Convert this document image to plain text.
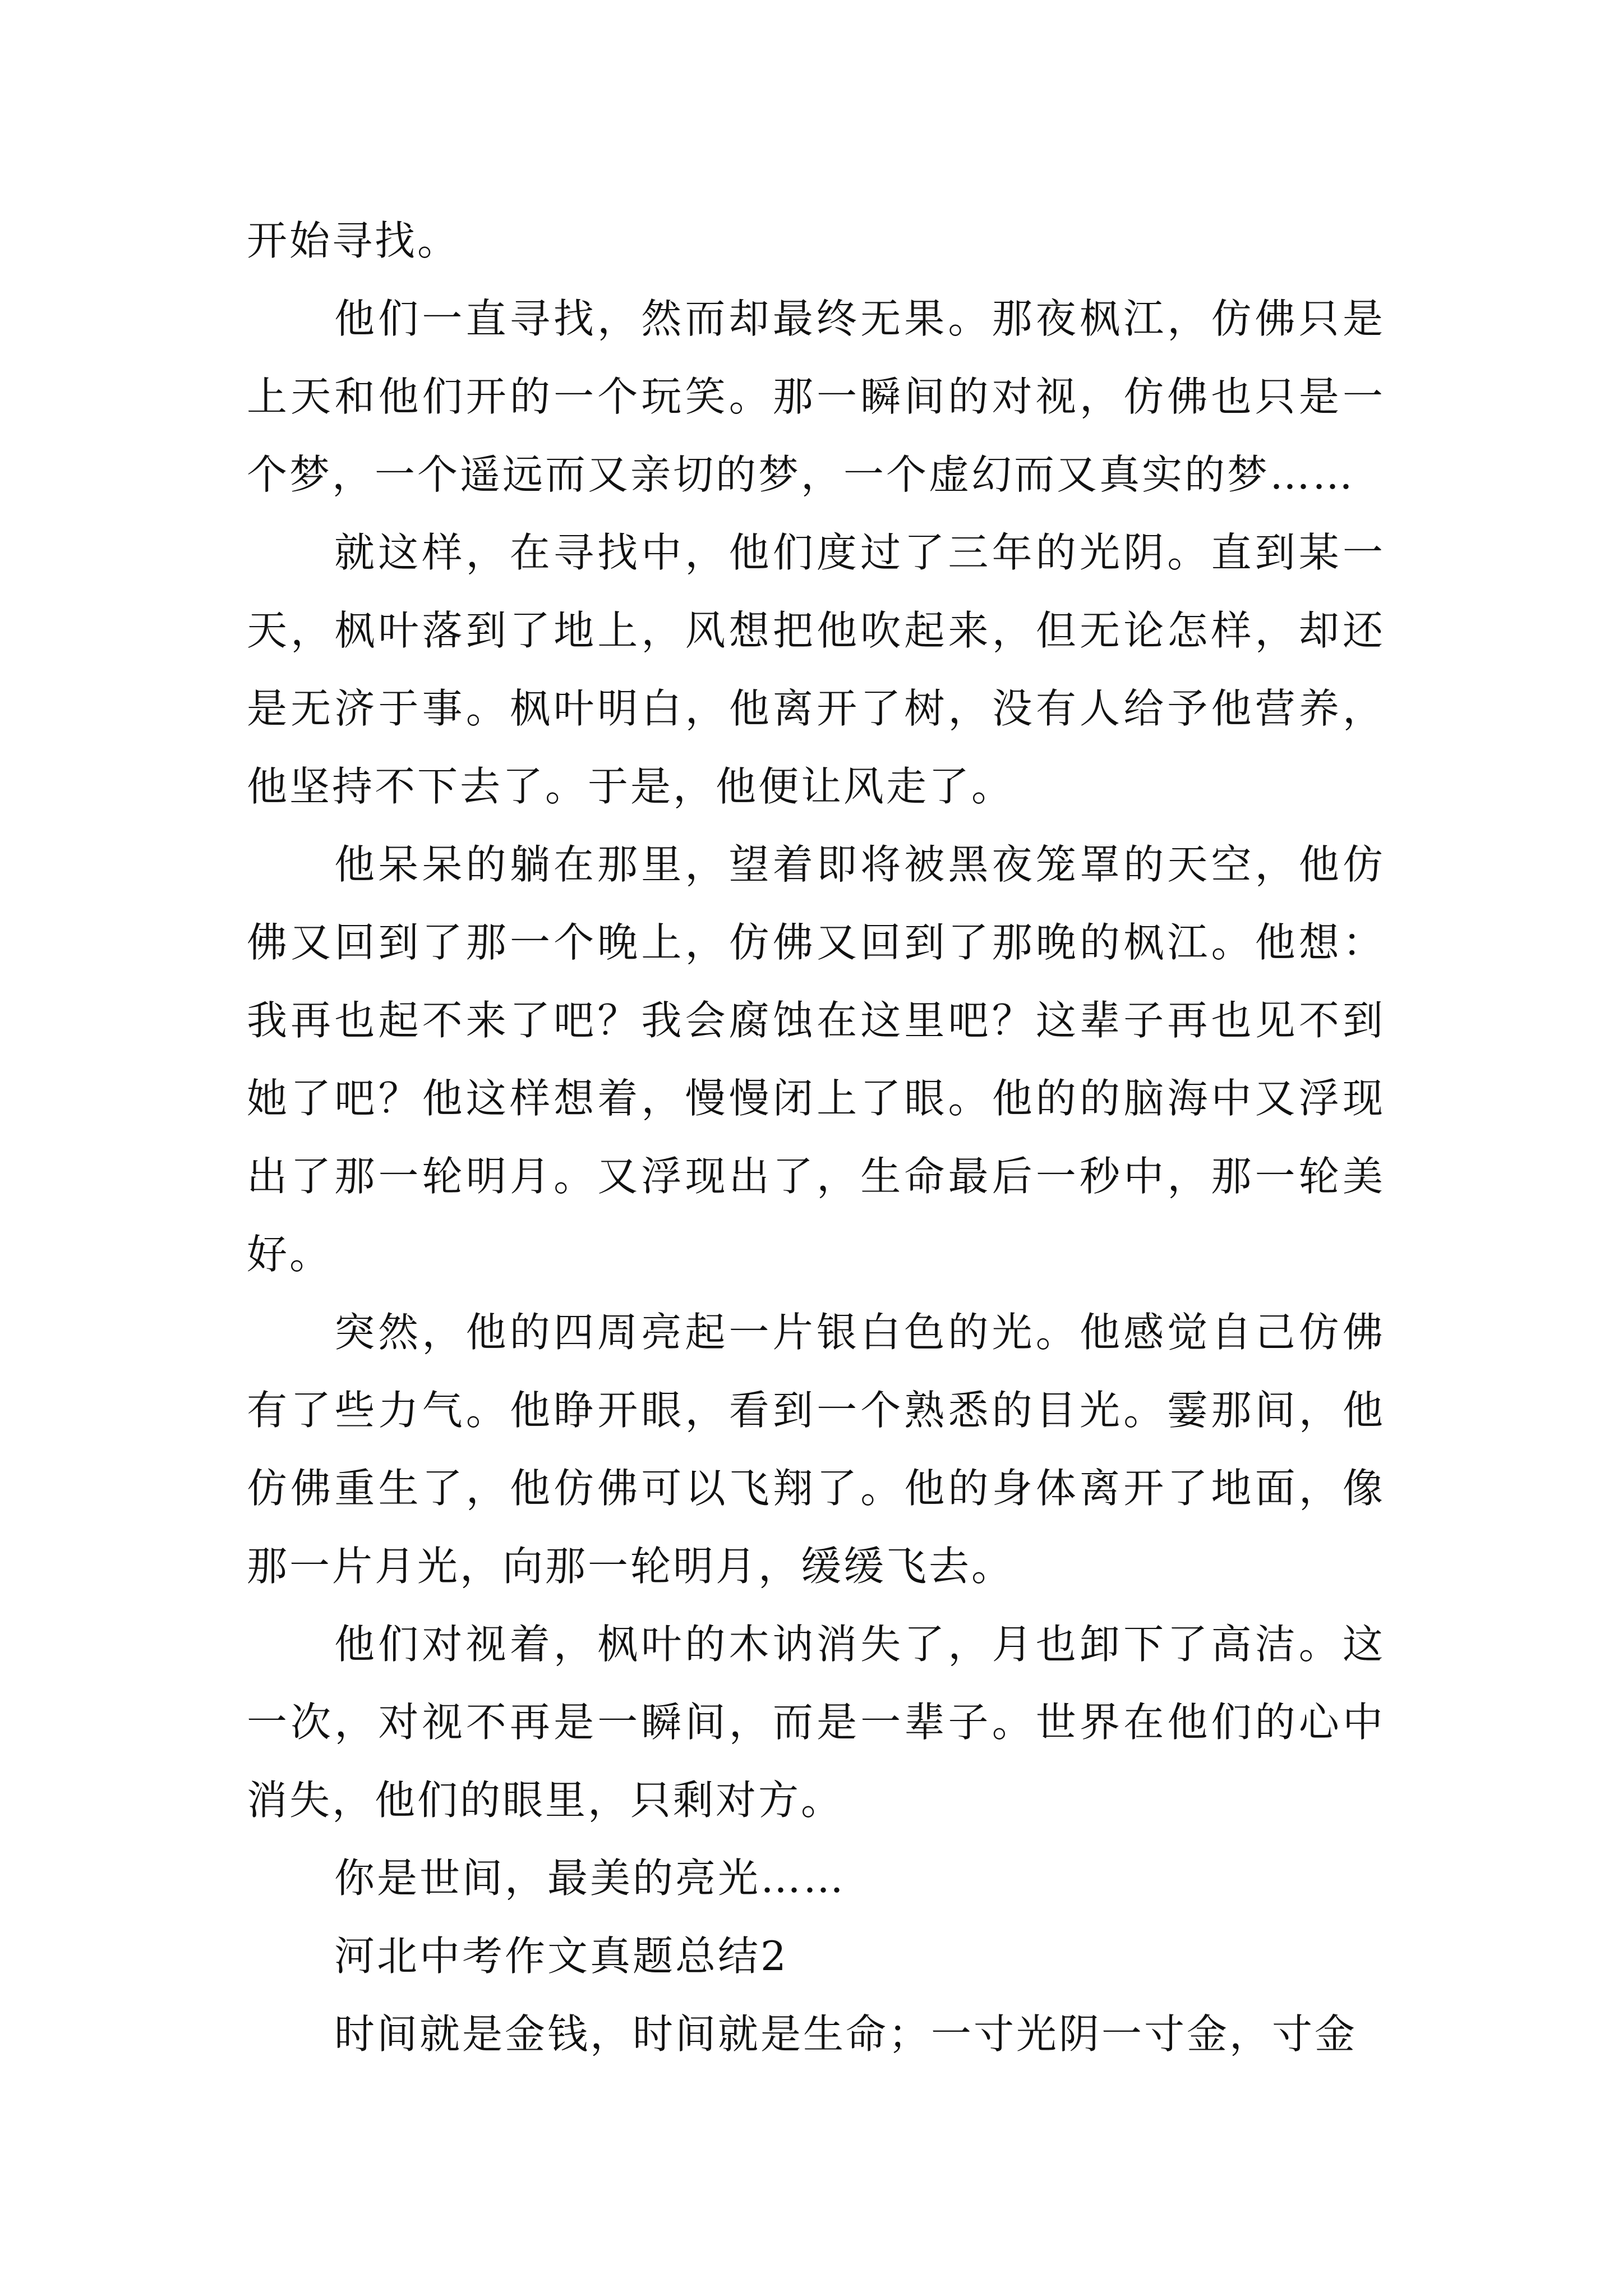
开始寻找。

他们一直寻找，然而却最终无果。那夜枫江，仿佛只是上天和他们开的一个玩笑。那一瞬间的对视，仿佛也只是一个梦，一个遥远而又亲切的梦，一个虚幻而又真实的梦……

就这样，在寻找中，他们度过了三年的光阴。直到某一天，枫叶落到了地上，风想把他吹起来，但无论怎样，却还是无济于事。枫叶明白，他离开了树，没有人给予他营养，他坚持不下去了。于是，他便让风走了。

他呆呆的躺在那里，望着即将被黑夜笼罩的天空，他仿佛又回到了那一个晚上，仿佛又回到了那晚的枫江。他想：我再也起不来了吧？我会腐蚀在这里吧？这辈子再也见不到她了吧？他这样想着，慢慢闭上了眼。他的的脑海中又浮现出了那一轮明月。又浮现出了，生命最后一秒中，那一轮美好。

突然，他的四周亮起一片银白色的光。他感觉自己仿佛有了些力气。他睁开眼，看到一个熟悉的目光。霎那间，他仿佛重生了，他仿佛可以飞翔了。他的身体离开了地面，像那一片月光，向那一轮明月，缓缓飞去。

他们对视着，枫叶的木讷消失了，月也卸下了高洁。这一次，对视不再是一瞬间，而是一辈子。世界在他们的心中消失，他们的眼里，只剩对方。

你是世间，最美的亮光……

河北中考作文真题总结2

时间就是金钱，时间就是生命；一寸光阴一寸金，寸金
